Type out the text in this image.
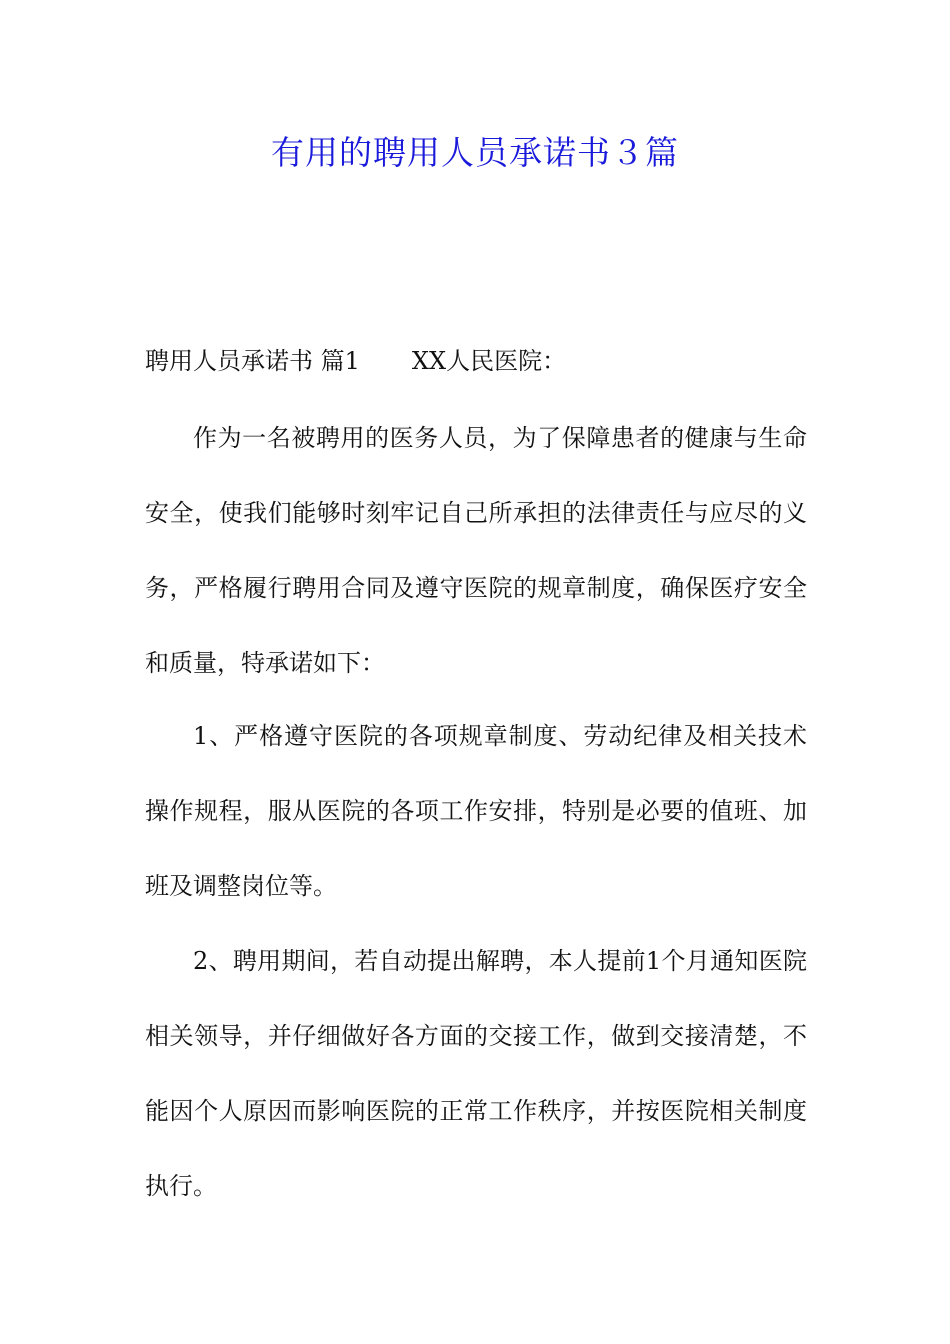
有用的聘用人员承诺书３篇
聘用人员承诺书 篇1 XX人民医院：

作为一名被聘用的医务人员，为了保障患者的健康与生命安全，使我们能够时刻牢记自己所承担的法律责任与应尽的义务，严格履行聘用合同及遵守医院的规章制度，确保医疗安全和质量，特承诺如下：

1、严格遵守医院的各项规章制度、劳动纪律及相关技术操作规程，服从医院的各项工作安排，特别是必要的值班、加班及调整岗位等。

2、聘用期间，若自动提出解聘，本人提前1个月通知医院相关领导，并仔细做好各方面的交接工作，做到交接清楚，不能因个人原因而影响医院的正常工作秩序，并按医院相关制度执行。
